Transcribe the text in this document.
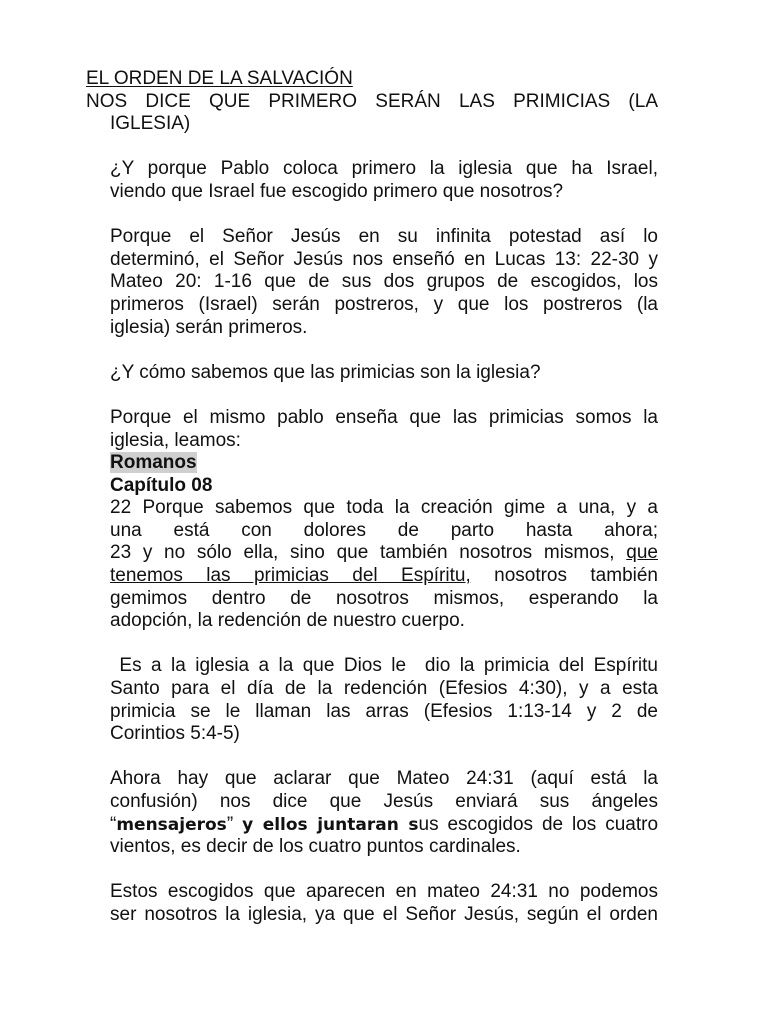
EL ORDEN DE LA SALVACIÓN
NOS DICE QUE PRIMERO SERÁN LAS PRIMICIAS (LA
IGLESIA)
¿Y porque Pablo coloca primero la iglesia que ha Israel,
viendo que Israel fue escogido primero que nosotros?
Porque el Señor Jesús en su infinita potestad así lo
determinó, el Señor Jesús nos enseñó en Lucas 13: 22-30 y
Mateo 20: 1-16 que de sus dos grupos de escogidos, los
primeros (Israel) serán postreros, y que los postreros (la
iglesia) serán primeros.
¿Y cómo sabemos que las primicias son la iglesia?
Porque el mismo pablo enseña que las primicias somos la
iglesia, leamos:
Romanos
Capítulo 08
22 Porque sabemos que toda la creación gime a una, y a
una está con dolores de parto hasta ahora;
23 y no sólo ella, sino que también nosotros mismos, que
tenemos las primicias del Espíritu, nosotros también
gemimos dentro de nosotros mismos, esperando la
adopción, la redención de nuestro cuerpo.
Es a la iglesia a la que Dios le  dio la primicia del Espíritu
Santo para el día de la redención (Efesios 4:30), y a esta
primicia se le llaman las arras (Efesios 1:13-14 y 2 de
Corintios 5:4-5)
Ahora hay que aclarar que Mateo 24:31 (aquí está la
confusión) nos dice que Jesús enviará sus ángeles
“mensajeros” y ellos juntaran sus escogidos de los cuatro
vientos, es decir de los cuatro puntos cardinales.
Estos escogidos que aparecen en mateo 24:31 no podemos
ser nosotros la iglesia, ya que el Señor Jesús, según el orden
